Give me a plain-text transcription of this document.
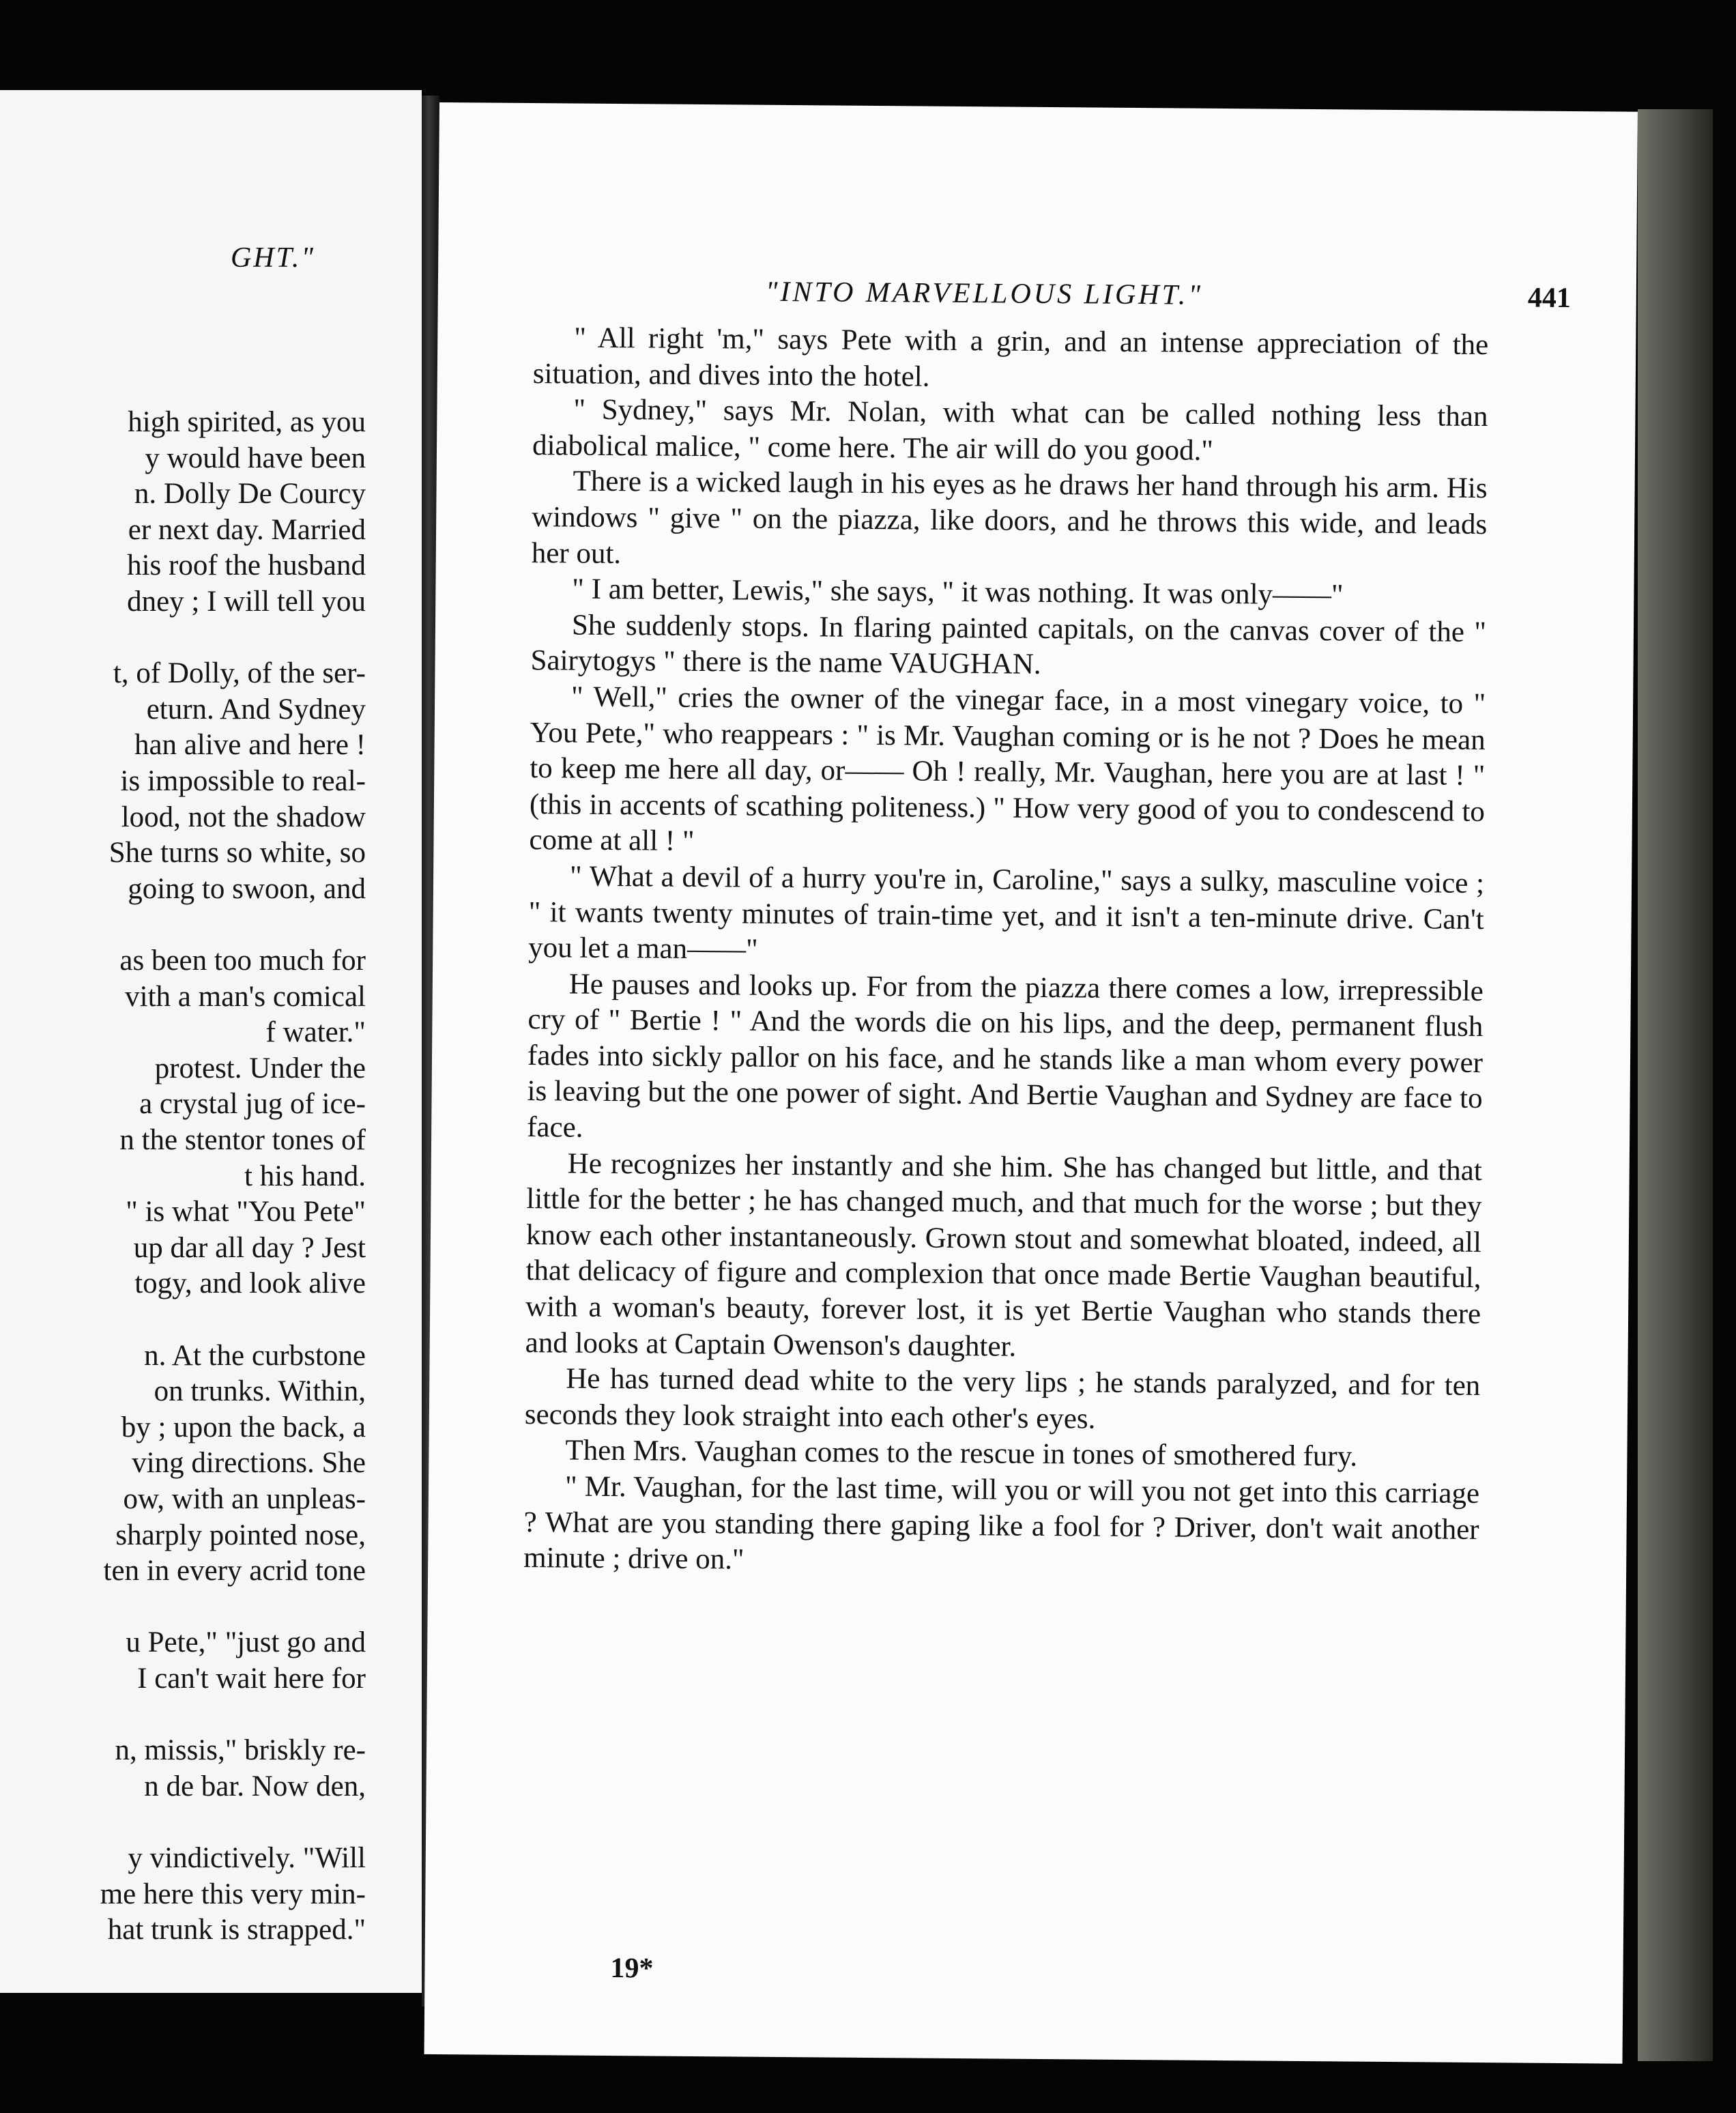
GHT."
high spirited, as you
y would have been
n. Dolly De Courcy
er next day. Married
his roof the husband
dney ; I will tell you
t, of Dolly, of the ser-
eturn. And Sydney
han alive and here !
is impossible to real-
lood, not the shadow
She turns so white, so
going to swoon, and
as been too much for
vith a man's comical
f water."
protest. Under the
a crystal jug of ice-
n the stentor tones of
t his hand.
" is what "You Pete"
up dar all day ? Jest
togy, and look alive
n. At the curbstone
on trunks. Within,
by ; upon the back, a
ving directions. She
ow, with an unpleas-
sharply pointed nose,
ten in every acrid tone
u Pete," "just go and
I can't wait here for
n, missis," briskly re-
n de bar. Now den,
y vindictively. "Will
me here this very min-
hat trunk is strapped."
"INTO MARVELLOUS LIGHT."	441

" All right 'm," says Pete with a grin, and an intense appreciation of the situation, and dives into the hotel.

" Sydney," says Mr. Nolan, with what can be called nothing less than diabolical malice, " come here. The air will do you good."

There is a wicked laugh in his eyes as he draws her hand through his arm. His windows " give " on the piazza, like doors, and he throws this wide, and leads her out.

" I am better, Lewis," she says, " it was nothing. It was only——"

She suddenly stops. In flaring painted capitals, on the canvas cover of the " Sairytogys " there is the name VAUGHAN.

" Well," cries the owner of the vinegar face, in a most vinegary voice, to " You Pete," who reappears : " is Mr. Vaughan coming or is he not ? Does he mean to keep me here all day, or—— Oh ! really, Mr. Vaughan, here you are at last ! " (this in accents of scathing politeness.) " How very good of you to condescend to come at all ! "

" What a devil of a hurry you're in, Caroline," says a sulky, masculine voice ; " it wants twenty minutes of train-time yet, and it isn't a ten-minute drive. Can't you let a man——"

He pauses and looks up. For from the piazza there comes a low, irrepressible cry of " Bertie ! " And the words die on his lips, and the deep, permanent flush fades into sickly pallor on his face, and he stands like a man whom every power is leaving but the one power of sight. And Bertie Vaughan and Sydney are face to face.

He recognizes her instantly and she him. She has changed but little, and that little for the better ; he has changed much, and that much for the worse ; but they know each other instantaneously. Grown stout and somewhat bloated, indeed, all that delicacy of figure and complexion that once made Bertie Vaughan beautiful, with a woman's beauty, forever lost, it is yet Bertie Vaughan who stands there and looks at Captain Owenson's daughter.

He has turned dead white to the very lips ; he stands paralyzed, and for ten seconds they look straight into each other's eyes.

Then Mrs. Vaughan comes to the rescue in tones of smothered fury.

" Mr. Vaughan, for the last time, will you or will you not get into this carriage ? What are you standing there gaping like a fool for ? Driver, don't wait another minute ; drive on."

19*
